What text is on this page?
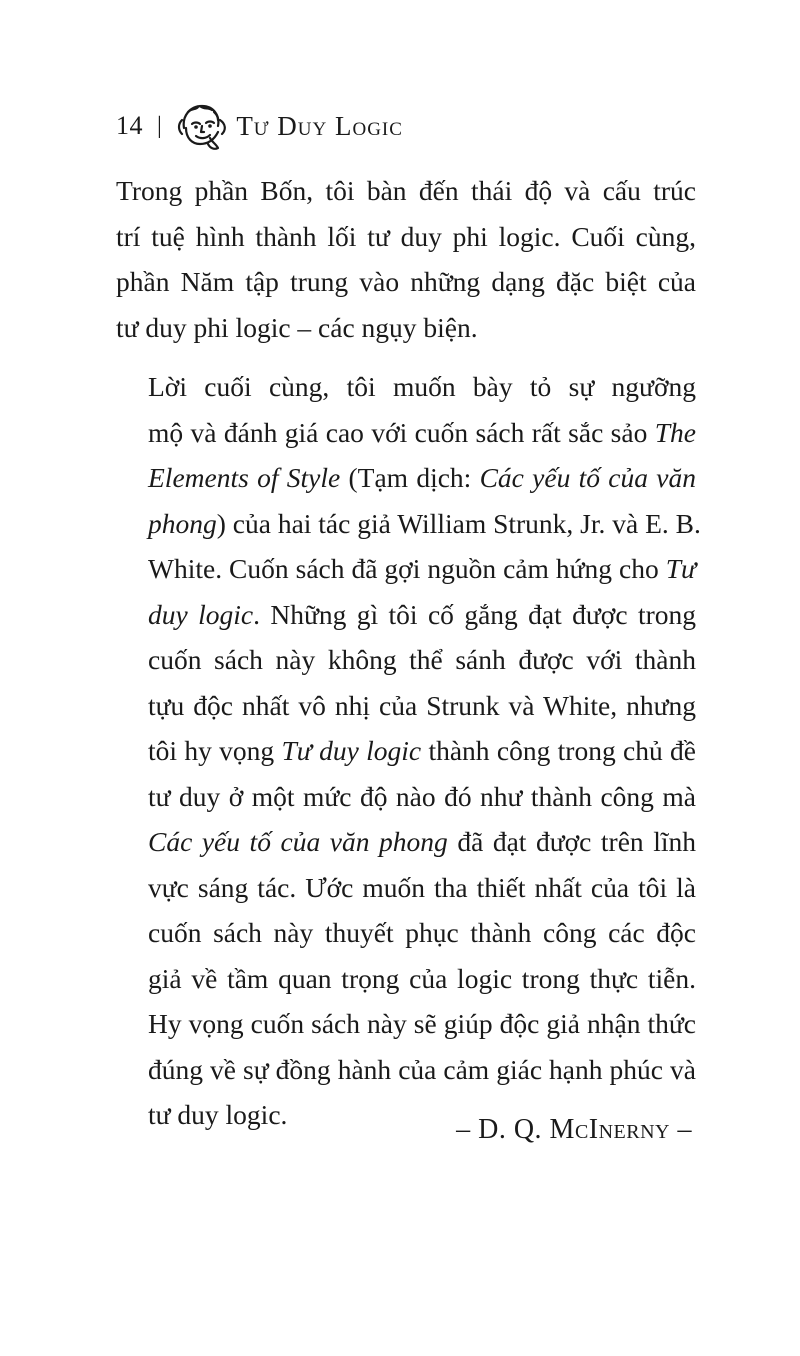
14 |	Tư Duy Logic

Trong phần Bốn, tôi bàn đến thái độ và cấu trúc
trí tuệ hình thành lối tư duy phi logic. Cuối cùng,
phần Năm tập trung vào những dạng đặc biệt của
tư duy phi logic – các ngụy biện.

Lời cuối cùng, tôi muốn bày tỏ sự ngưỡng
mộ và đánh giá cao với cuốn sách rất sắc sảo The
Elements of Style (Tạm dịch: Các yếu tố của văn
phong) của hai tác giả William Strunk, Jr. và E. B.
White. Cuốn sách đã gợi nguồn cảm hứng cho Tư
duy logic. Những gì tôi cố gắng đạt được trong
cuốn sách này không thể sánh được với thành
tựu độc nhất vô nhị của Strunk và White, nhưng
tôi hy vọng Tư duy logic thành công trong chủ đề
tư duy ở một mức độ nào đó như thành công mà
Các yếu tố của văn phong đã đạt được trên lĩnh
vực sáng tác. Ước muốn tha thiết nhất của tôi là
cuốn sách này thuyết phục thành công các độc
giả về tầm quan trọng của logic trong thực tiễn.
Hy vọng cuốn sách này sẽ giúp độc giả nhận thức
đúng về sự đồng hành của cảm giác hạnh phúc và
tư duy logic.	– D. Q. McInerny –
